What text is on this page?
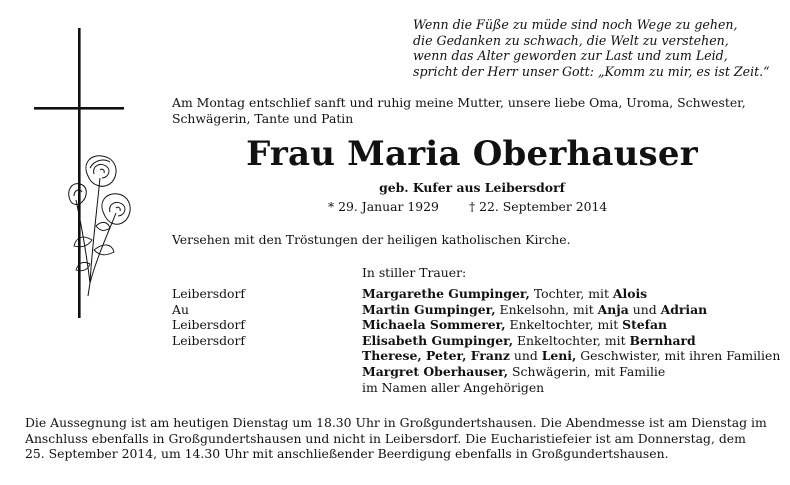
Wenn die Füße zu müde sind noch Wege zu gehen,
die Gedanken zu schwach, die Welt zu verstehen,
wenn das Alter geworden zur Last und zum Leid,
spricht der Herr unser Gott: „Komm zu mir, es ist Zeit.“
Am Montag entschlief sanft und ruhig meine Mutter, unsere liebe Oma, Uroma, Schwester,
Schwägerin, Tante und Patin
Frau Maria Oberhauser
geb. Kufer aus Leibersdorf
* 29. Januar 1929 † 22. September 2014
Versehen mit den Tröstungen der heiligen katholischen Kirche.
In stiller Trauer:
Leibersdorf
Au
Leibersdorf
Leibersdorf
Margarethe Gumpinger, Tochter, mit Alois
Martin Gumpinger, Enkelsohn, mit Anja und Adrian
Michaela Sommerer, Enkeltochter, mit Stefan
Elisabeth Gumpinger, Enkeltochter, mit Bernhard
Therese, Peter, Franz und Leni, Geschwister, mit ihren Familien
Margret Oberhauser, Schwägerin, mit Familie
im Namen aller Angehörigen
Die Aussegnung ist am heutigen Dienstag um 18.30 Uhr in Großgundertshausen. Die Abendmesse ist am Dienstag im
Anschluss ebenfalls in Großgundertshausen und nicht in Leibersdorf. Die Eucharistiefeier ist am Donnerstag, dem
25. September 2014, um 14.30 Uhr mit anschließender Beerdigung ebenfalls in Großgundertshausen.
